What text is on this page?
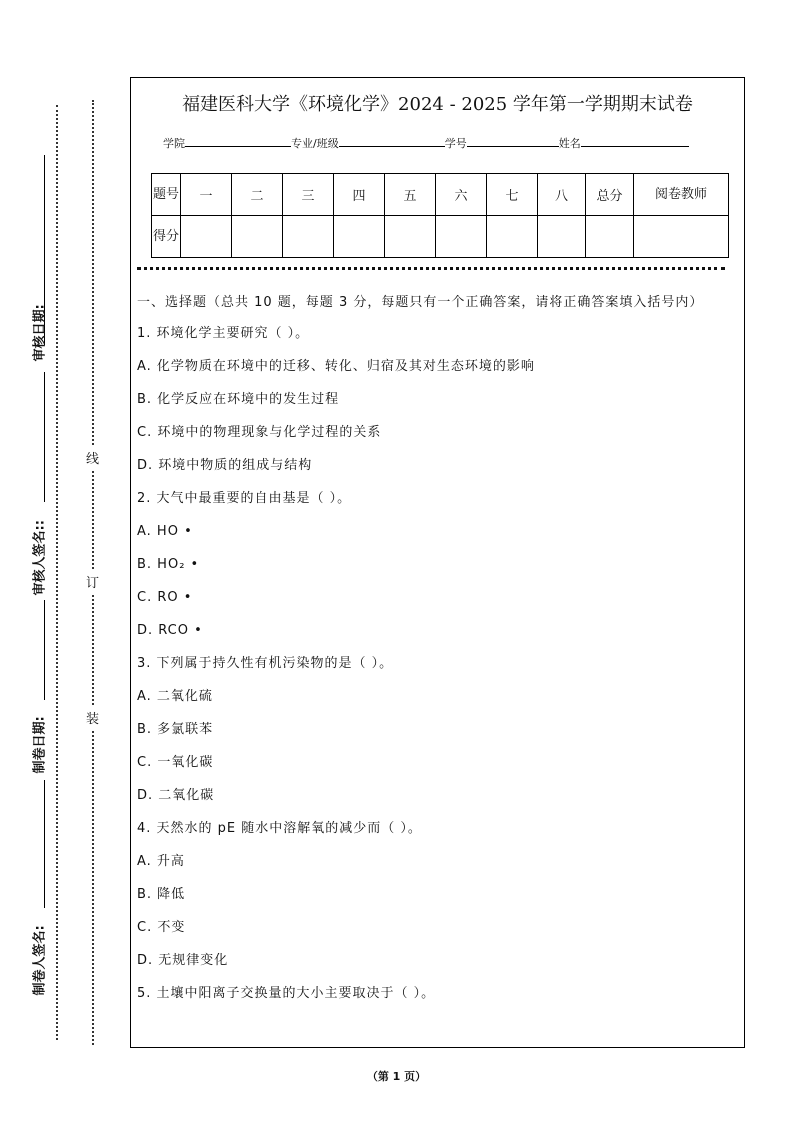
审核日期:
审核人签名::
制卷日期:
制卷人签名:
线
订
装
福建医科大学《环境化学》2024 - 2025 学年第一学期期末试卷
学院	专业/班级	学号	姓名
题号	一	二	三	四	五	六	七	八	总分	阅卷教师
得分										
一、选择题（总共 10 题，每题 3 分，每题只有一个正确答案，请将正确答案填入括号内）
1. 环境化学主要研究（ ）。
A. 化学物质在环境中的迁移、转化、归宿及其对生态环境的影响
B. 化学反应在环境中的发生过程
C. 环境中的物理现象与化学过程的关系
D. 环境中物质的组成与结构
2. 大气中最重要的自由基是（ ）。
A. HO •
B. HO₂ •
C. RO •
D. RCO •
3. 下列属于持久性有机污染物的是（ ）。
A. 二氧化硫
B. 多氯联苯
C. 一氧化碳
D. 二氧化碳
4. 天然水的 pE 随水中溶解氧的减少而（ ）。
A. 升高
B. 降低
C. 不变
D. 无规律变化
5. 土壤中阳离子交换量的大小主要取决于（ ）。
（第 1 页）
